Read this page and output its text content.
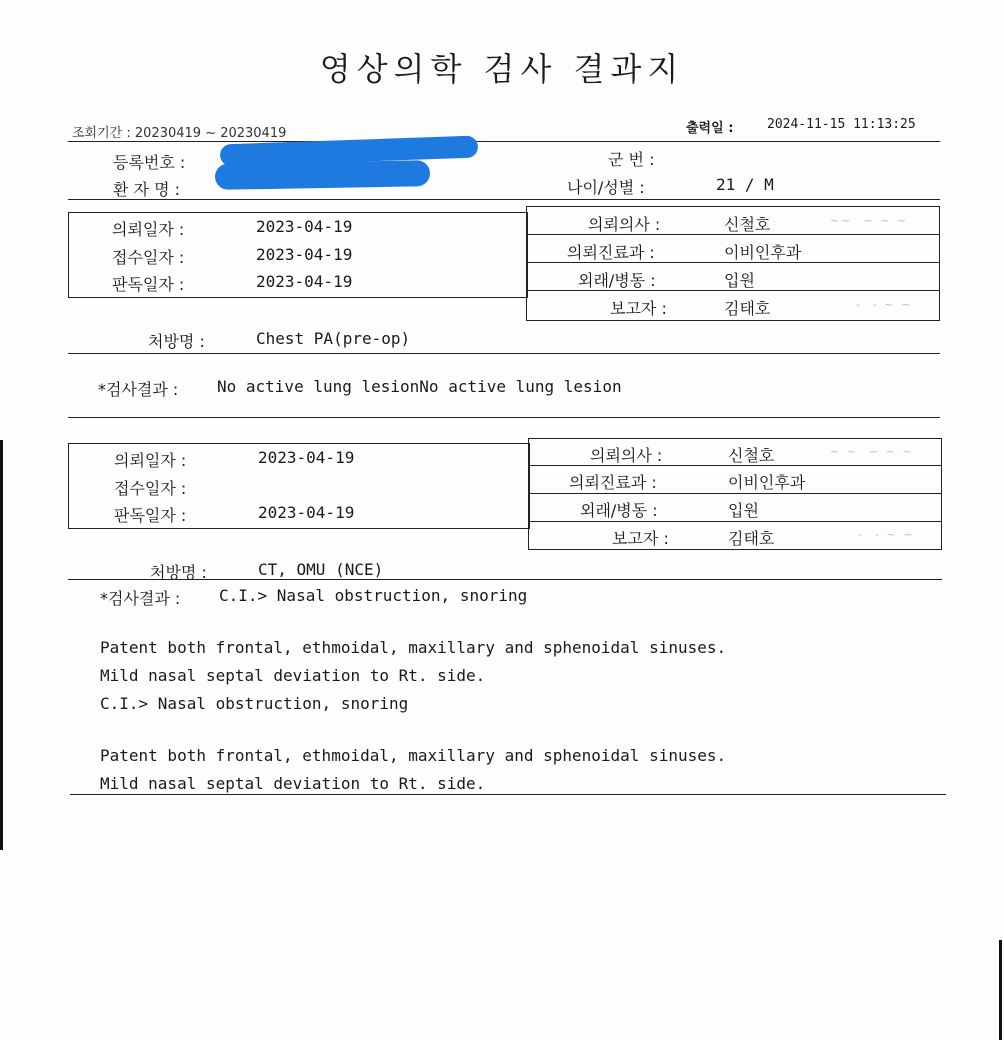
영상의학 검사 결과지
조회기간 : 20230419 ~ 20230419	출력일 :	2024-11-15 11:13:25
등록번호 :
환 자 명 :
군 번 :
나이/성별 :	21 / M
의뢰일자 :	2023-04-19
접수일자 :	2023-04-19
판독일자 :	2023-04-19
의뢰의사 :	신철호	~~  ~ ~ ~
의뢰진료과 :	이비인후과
외래/병동 :	입원
보고자 :	김태호	-  - ~ ~
처방명 :	Chest PA(pre-op)
*검사결과 : No active lung lesionNo active lung lesion
의뢰일자 :	2023-04-19
접수일자 :
판독일자 :	2023-04-19
의뢰의사 :	신철호	~ ~  ~ ~ ~
의뢰진료과 :	이비인후과
외래/병동 :	입원
보고자 :	김태호	-  - ~ ~
처방명 :	CT, OMU (NCE)
*검사결과 : C.I.> Nasal obstruction, snoring
Patent both frontal, ethmoidal, maxillary and sphenoidal sinuses.
Mild nasal septal deviation to Rt. side.
C.I.> Nasal obstruction, snoring
Patent both frontal, ethmoidal, maxillary and sphenoidal sinuses.
Mild nasal septal deviation to Rt. side.
